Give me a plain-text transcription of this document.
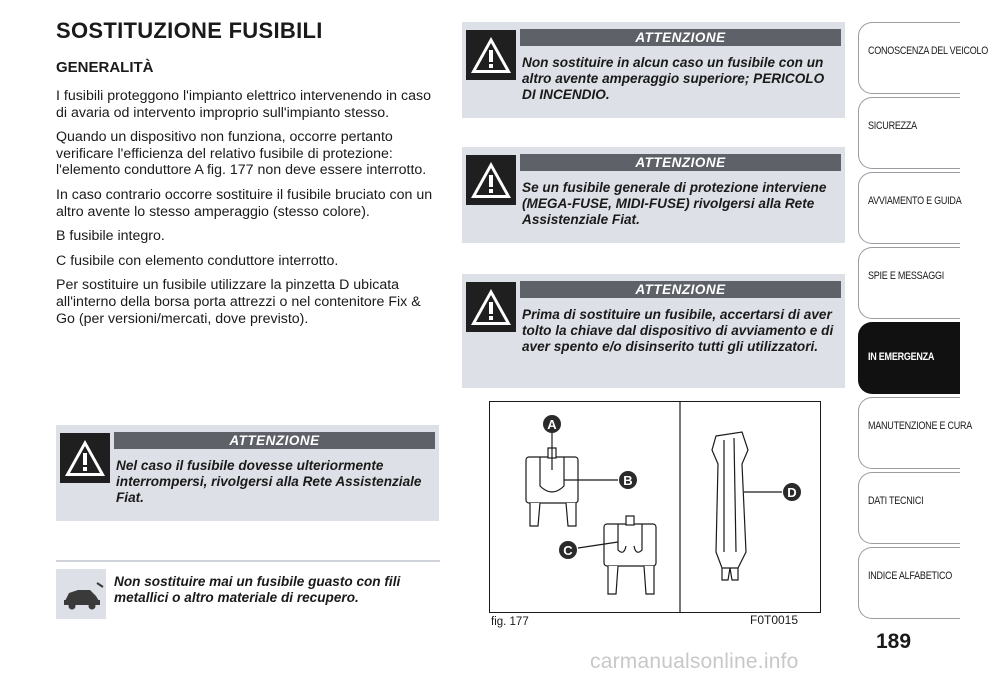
SOSTITUZIONE FUSIBILI
GENERALITÀ

I fusibili proteggono l'impianto elettrico intervenendo in caso di avaria od intervento improprio sull'impianto stesso.

Quando un dispositivo non funziona, occorre pertanto verificare l'efficienza del relativo fusibile di protezione: l'elemento conduttore A fig. 177 non deve essere interrotto.

In caso contrario occorre sostituire il fusibile bruciato con un altro avente lo stesso amperaggio (stesso colore).

B fusibile integro.

C fusibile con elemento conduttore interrotto.

Per sostituire un fusibile utilizzare la pinzetta D ubicata all'interno della borsa porta attrezzi o nel contenitore Fix & Go (per versioni/mercati, dove previsto).

ATTENZIONE
Nel caso il fusibile dovesse ulteriormente interrompersi, rivolgersi alla Rete Assistenziale Fiat.
ATTENZIONE
Non sostituire in alcun caso un fusibile con un altro avente amperaggio superiore; PERICOLO DI INCENDIO.
ATTENZIONE
Se un fusibile generale di protezione interviene (MEGA-FUSE, MIDI-FUSE) rivolgersi alla Rete Assistenziale Fiat.
ATTENZIONE
Prima di sostituire un fusibile, accertarsi di aver tolto la chiave dal dispositivo di avviamento e di aver spento e/o disinserito tutti gli utilizzatori.
Non sostituire mai un fusibile guasto con fili metallici o altro materiale di recupero.
A
B
C
D
fig. 177	F0T0015
CONOSCENZA DEL VEICOLO
SICUREZZA
AVVIAMENTO E GUIDA
SPIE E MESSAGGI
IN EMERGENZA
MANUTENZIONE E CURA
DATI TECNICI
INDICE ALFABETICO
189
carmanualsonline.info
